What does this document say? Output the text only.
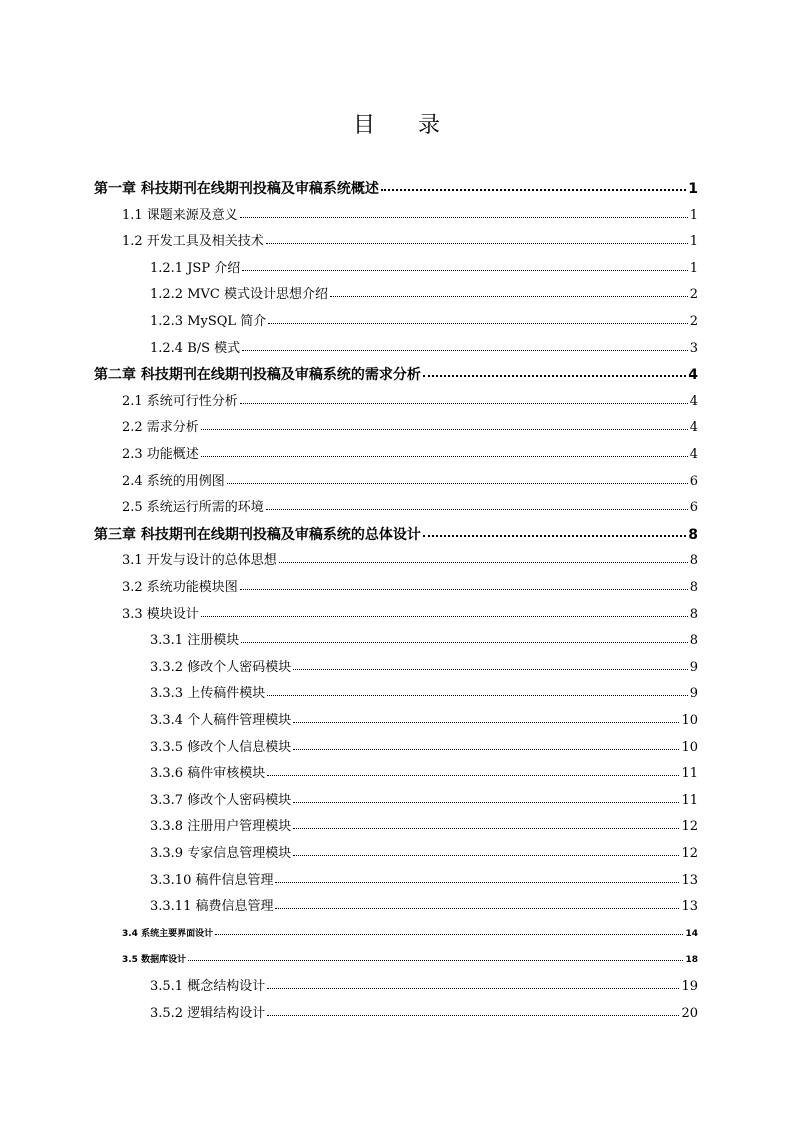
目 录
第一章 科技期刊在线期刊投稿及审稿系统概述	1
1.1 课题来源及意义	1
1.2 开发工具及相关技术	1
1.2.1 JSP 介绍	1
1.2.2 MVC 模式设计思想介绍	2
1.2.3 MySQL 简介	2
1.2.4 B/S 模式	3
第二章 科技期刊在线期刊投稿及审稿系统的需求分析	4
2.1 系统可行性分析	4
2.2 需求分析	4
2.3 功能概述	4
2.4 系统的用例图	6
2.5 系统运行所需的环境	6
第三章 科技期刊在线期刊投稿及审稿系统的总体设计	8
3.1 开发与设计的总体思想	8
3.2 系统功能模块图	8
3.3 模块设计	8
3.3.1 注册模块	8
3.3.2 修改个人密码模块	9
3.3.3 上传稿件模块	9
3.3.4 个人稿件管理模块	10
3.3.5 修改个人信息模块	10
3.3.6 稿件审核模块	11
3.3.7 修改个人密码模块	11
3.3.8 注册用户管理模块	12
3.3.9 专家信息管理模块	12
3.3.10 稿件信息管理	13
3.3.11 稿费信息管理	13
3.4 系统主要界面设计	14
3.5 数据库设计	18
3.5.1 概念结构设计	19
3.5.2 逻辑结构设计	20
